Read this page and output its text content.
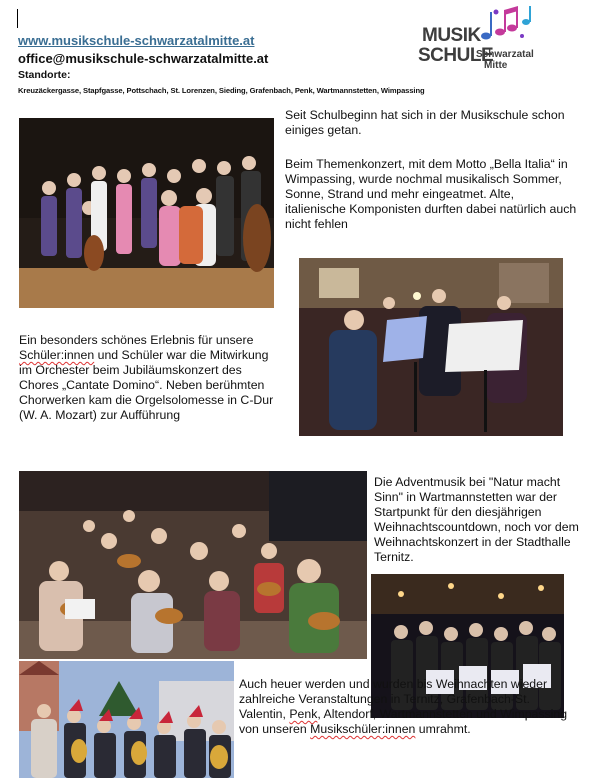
www.musikschule-schwarzatalmitte.at
office@musikschule-schwarzatalmitte.at
Standorte:
Kreuzäckergasse, Stapfgasse, Pottschach, St. Lorenzen, Sieding, Grafenbach, Penk, Wartmannstetten, Wimpassing
MUSIK
SCHULE
Schwarzatal
Mitte
Seit Schulbeginn hat sich in der Musikschule schon einiges getan.
Beim Themenkonzert, mit dem Motto „Bella Italia“ in Wimpassing, wurde nochmal musikalisch Sommer, Sonne, Strand und mehr eingeatmet. Alte, italienische Komponisten durften dabei natürlich auch nicht fehlen
Ein besonders schönes Erlebnis für unsere Schüler:innen und Schüler war die Mitwirkung im Orchester beim Jubiläumskonzert des Chores „Cantate Domino“. Neben berühmten Chorwerken kam die Orgelsolomesse in C-Dur (W. A. Mozart) zur Aufführung
Die Adventmusik bei "Natur macht Sinn" in Wartmannstetten war der Startpunkt für den diesjährigen Weihnachtscountdown, noch vor dem Weihnachtskonzert in der Stadthalle Ternitz.
Auch heuer werden und wurden bis Weihnachten wieder zahlreiche Veranstaltungen in Ternitz, Grafenbach-St. Valentin, Penk, Altendorf, Wartmannstetten und Wimpassing von unseren Musikschüler:innen umrahmt.
